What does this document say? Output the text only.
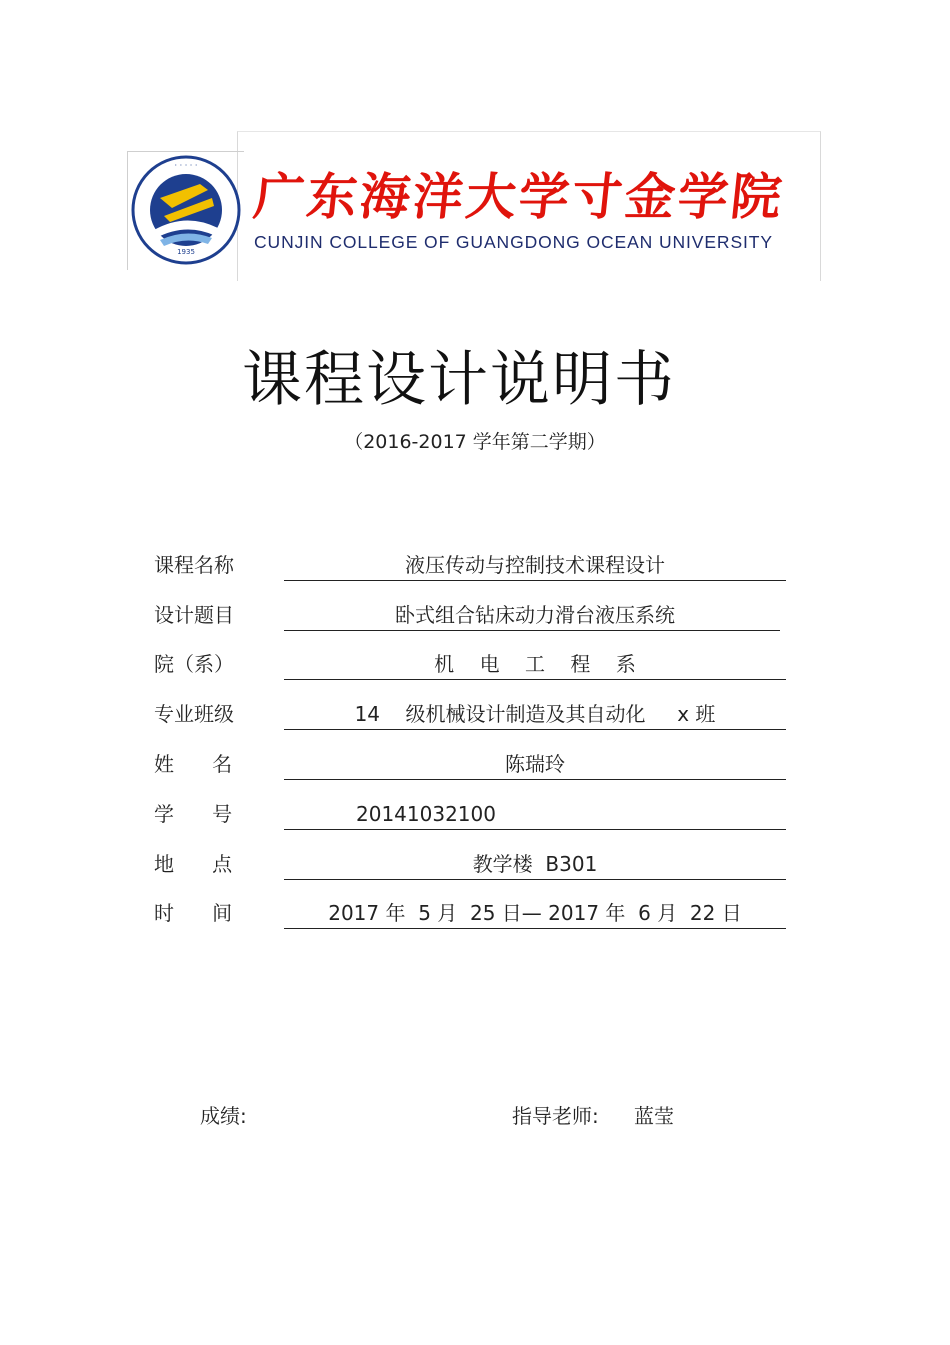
1935
· · · · ·
广东海洋大学寸金学院
CUNJIN COLLEGE OF GUANGDONG OCEAN UNIVERSITY
课程设计说明书
（2016-2017 学年第二学期）
课程名称	液压传动与控制技术课程设计
设计题目	卧式组合钻床动力滑台液压系统
院（系）	机    电    工    程    系
专业班级	14    级机械设计制造及其自动化     x 班
姓      名	陈瑞玲
学      号	20141032100
地      点	教学楼  B301
时      间	2017 年  5 月  25 日— 2017 年  6 月  22 日
成绩:	指导老师: 蓝莹
